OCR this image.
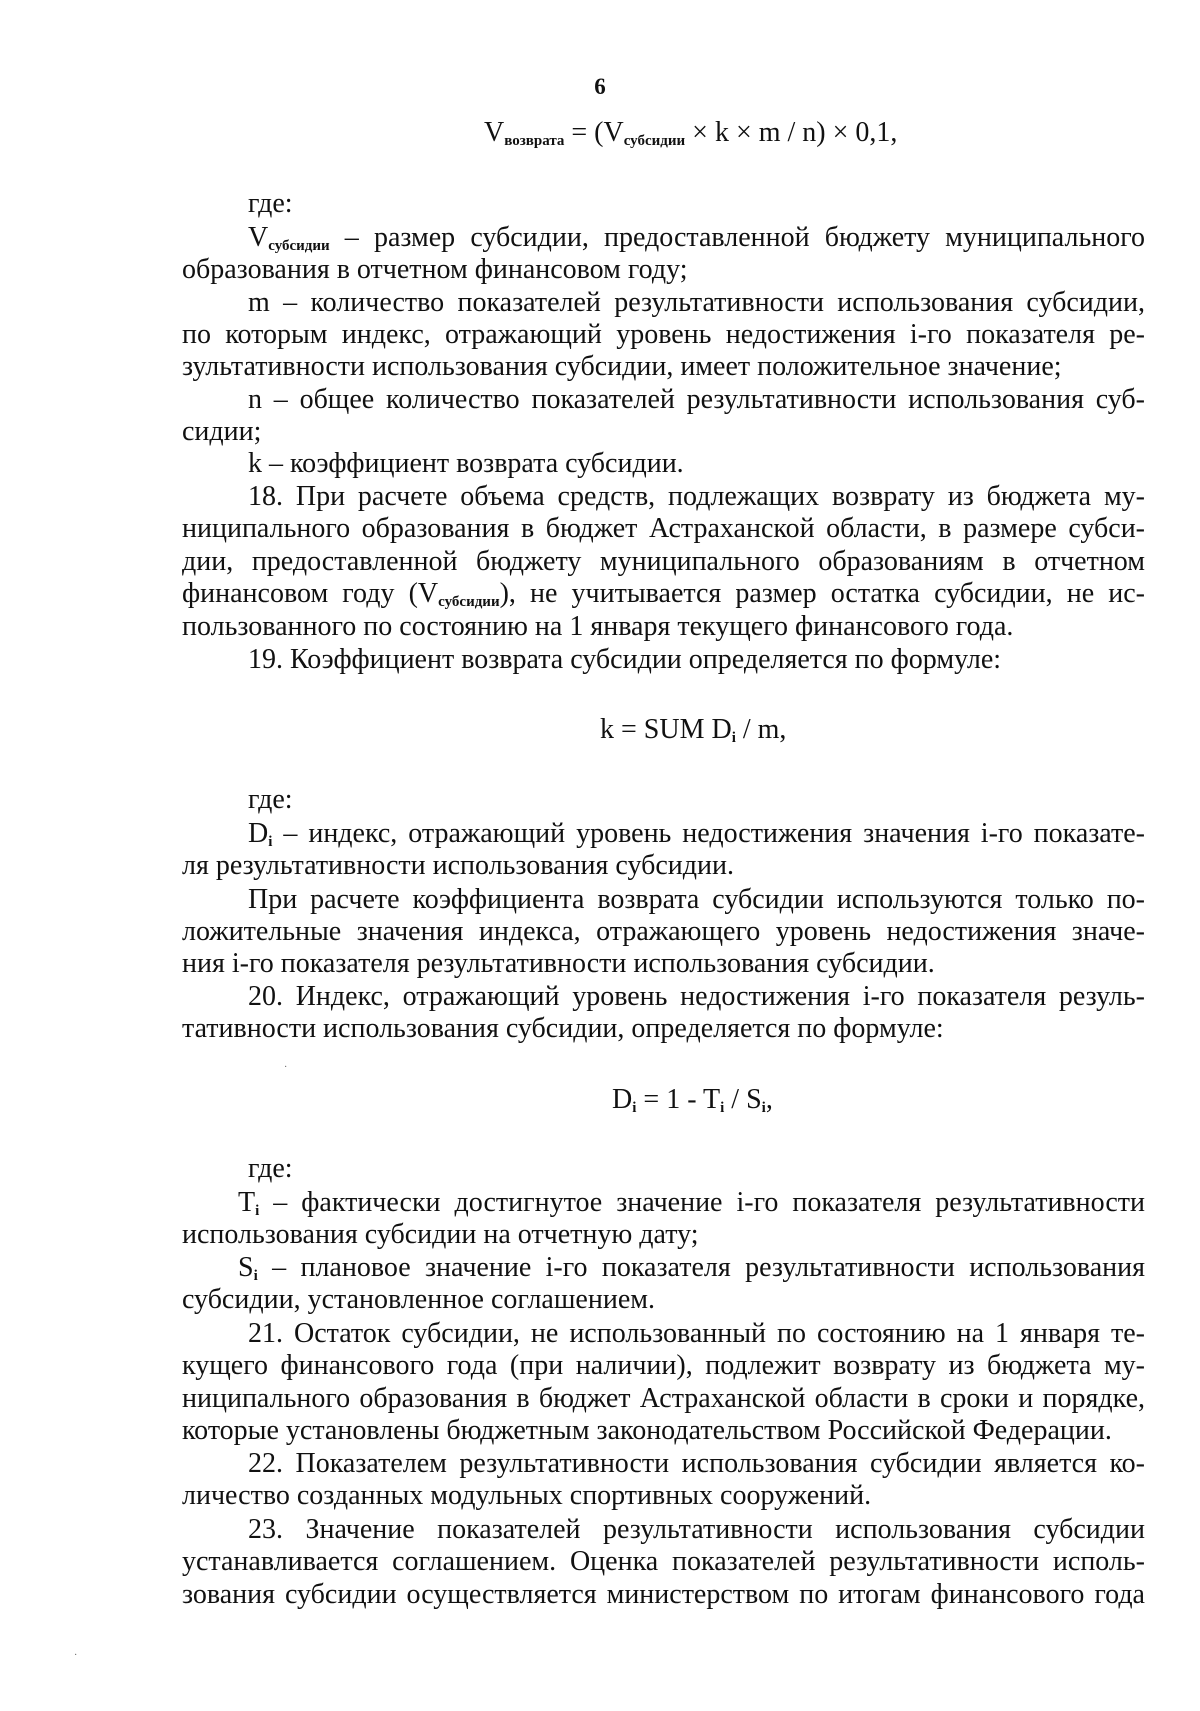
6
$V_{возврата} = (V_{субсидии} \times k \times m / n) \times 0,1$,
где:
$V_{субсидии}$ – размер субсидии, предоставленной бюджету муниципального
образования в отчетном финансовом году;
m – количество показателей результативности использования субсидии,
по которым индекс, отражающий уровень недостижения i-го показателя ре-
зультативности использования субсидии, имеет положительное значение;
n – общее количество показателей результативности использования суб-
сидии;
k – коэффициент возврата субсидии.
18. При расчете объема средств, подлежащих возврату из бюджета му-
ниципального образования в бюджет Астраханской области, в размере субси-
дии, предоставленной бюджету муниципального образованиям в отчетном
финансовом году $(V_{субсидии})$, не учитывается размер остатка субсидии, не ис-
пользованного по состоянию на 1 января текущего финансового года.
19. Коэффициент возврата субсидии определяется по формуле:
k = SUM $D_i$ / m,
где:
$D_i$ – индекс, отражающий уровень недостижения значения i-го показате-
ля результативности использования субсидии.
При расчете коэффициента возврата субсидии используются только по-
ложительные значения индекса, отражающего уровень недостижения значе-
ния i-го показателя результативности использования субсидии.
20. Индекс, отражающий уровень недостижения i-го показателя резуль-
тативности использования субсидии, определяется по формуле:
$D_i = 1 - T_i / S_i$,
где:
$T_i$ – фактически достигнутое значение i-го показателя результативности
использования субсидии на отчетную дату;
$S_i$ – плановое значение i-го показателя результативности использования
субсидии, установленное соглашением.
21. Остаток субсидии, не использованный по состоянию на 1 января те-
кущего финансового года (при наличии), подлежит возврату из бюджета му-
ниципального образования в бюджет Астраханской области в сроки и порядке,
которые установлены бюджетным законодательством Российской Федерации.
22. Показателем результативности использования субсидии является ко-
личество созданных модульных спортивных сооружений.
23. Значение показателей результативности использования субсидии
устанавливается соглашением. Оценка показателей результативности исполь-
зования субсидии осуществляется министерством по итогам финансового года
·
·
